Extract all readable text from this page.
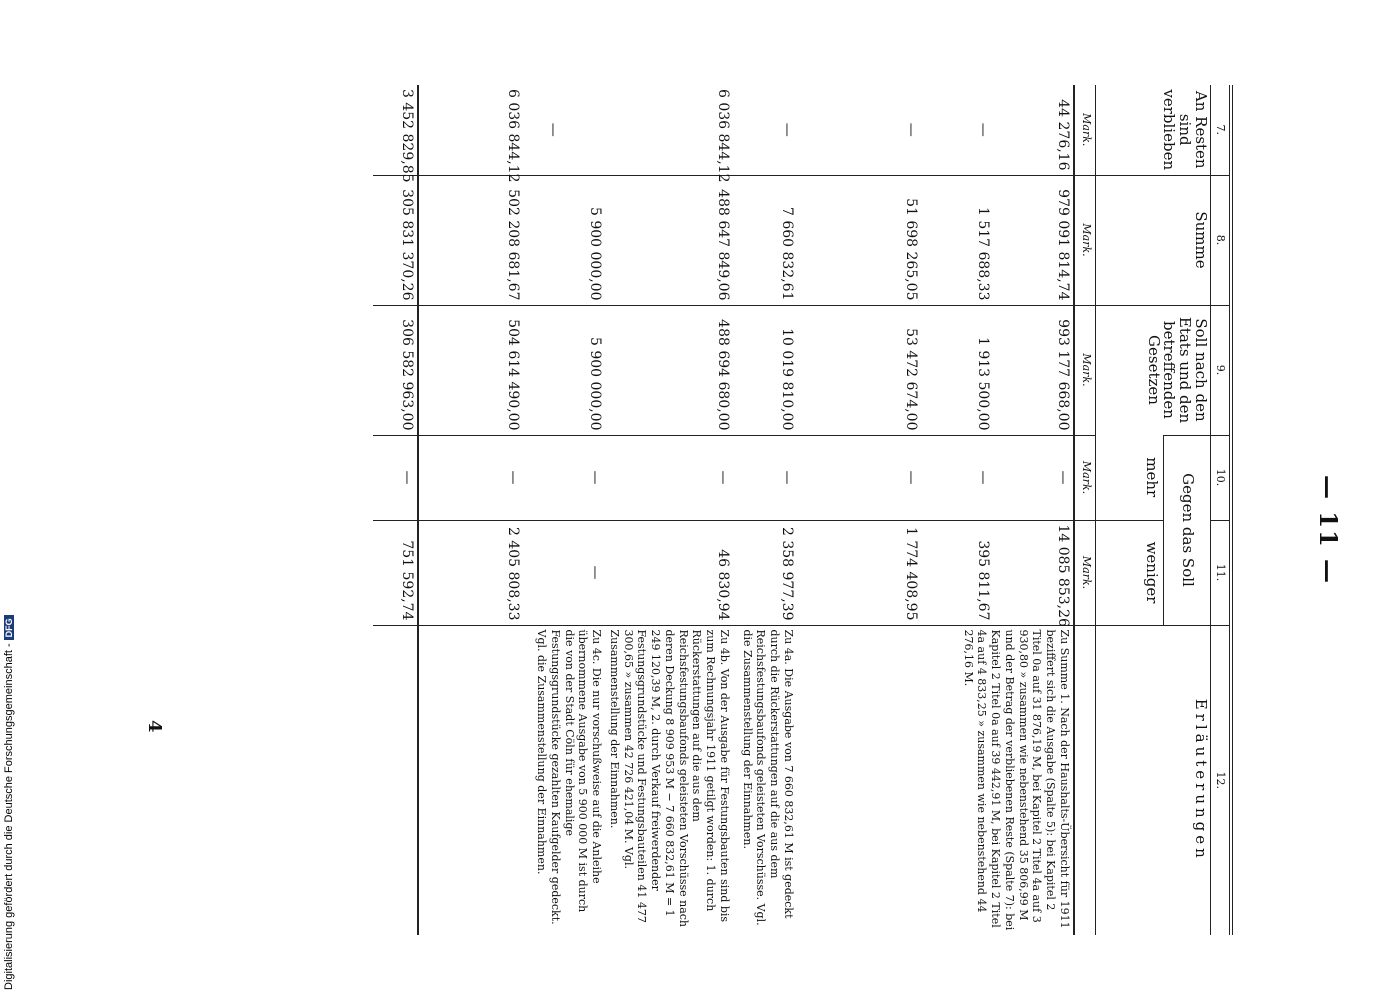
— 11 —
7.	8.	9.	10.	11.	12.
An Resten sind verblieben	Summe	Soll nach den Etats und den betreffenden Gesetzen	Gegen das Soll		Erläuterungen
			mehr	weniger	
Mark.	Mark.	Mark.	Mark.	Mark.	
44 276,16	979 091 814,74	993 177 668,00	—	14 085 853,26	Zu Summe 1. Nach der Haushalts-Übersicht für 1911 beziffert sich die Ausgabe (Spalte 5): bei Kapitel 2 Titel 0a auf 31 876,19 M, bei Kapitel 2 Titel 4a auf 3 930,80 » zusammen wie nebenstehend 35 806,99 M und der Betrag der verbliebenen Reste (Spalte 7): bei Kapitel 2 Titel 0a auf 39 442,91 M, bei Kapitel 2 Titel 4a auf 4 833,25 » zusammen wie nebenstehend 44 276,16 M.
—	1 517 688,33	1 913 500,00	—	395 811,67	
—	51 698 265,05	53 472 674,00	—	1 774 408,95	
—	7 660 832,61	10 019 810,00	—	2 358 977,39	Zu 4a. Die Ausgabe von 7 660 832,61 M ist gedeckt durch die Rückerstattungen auf die aus dem Reichsfestungsbaufonds geleisteten Vorschüsse. Vgl. die Zusammenstellung der Einnahmen.
6 036 844,12	488 647 849,06	488 694 680,00	—	46 830,94	Zu 4b. Von der Ausgabe für Festungsbauten sind bis zum Rechnungsjahr 1911 getilgt worden: 1. durch Rückerstattungen auf die aus dem Reichsfestungsbaufonds geleisteten Vorschüsse nach deren Deckung 8 909 953 M − 7 660 832,61 M = 1 249 120,39 M, 2. durch Verkauf freiwerdender Festungsgrundstücke und Festungsbauteilen 41 477 300,65 » zusammen 42 726 421,04 M. Vgl. Zusammenstellung der Einnahmen.
	5 900 000,00	5 900 000,00	—	—	Zu 4c. Die nur vorschußweise auf die Anleihe übernommene Ausgabe von 5 900 000 M ist durch die von der Stadt Cöln für ehemalige Festungsgrundstücke gezahlten Kaufgelder gedeckt. Vgl. die Zusammenstellung der Einnahmen.
—					
6 036 844,12	502 208 681,67	504 614 490,00	—	2 405 808,33	
3 452 829,85	305 831 370,26	306 582 963,00	—	751 592,74	
4
Digitalisierung gefördert durch die Deutsche Forschungsgemeinschaft -DFG
